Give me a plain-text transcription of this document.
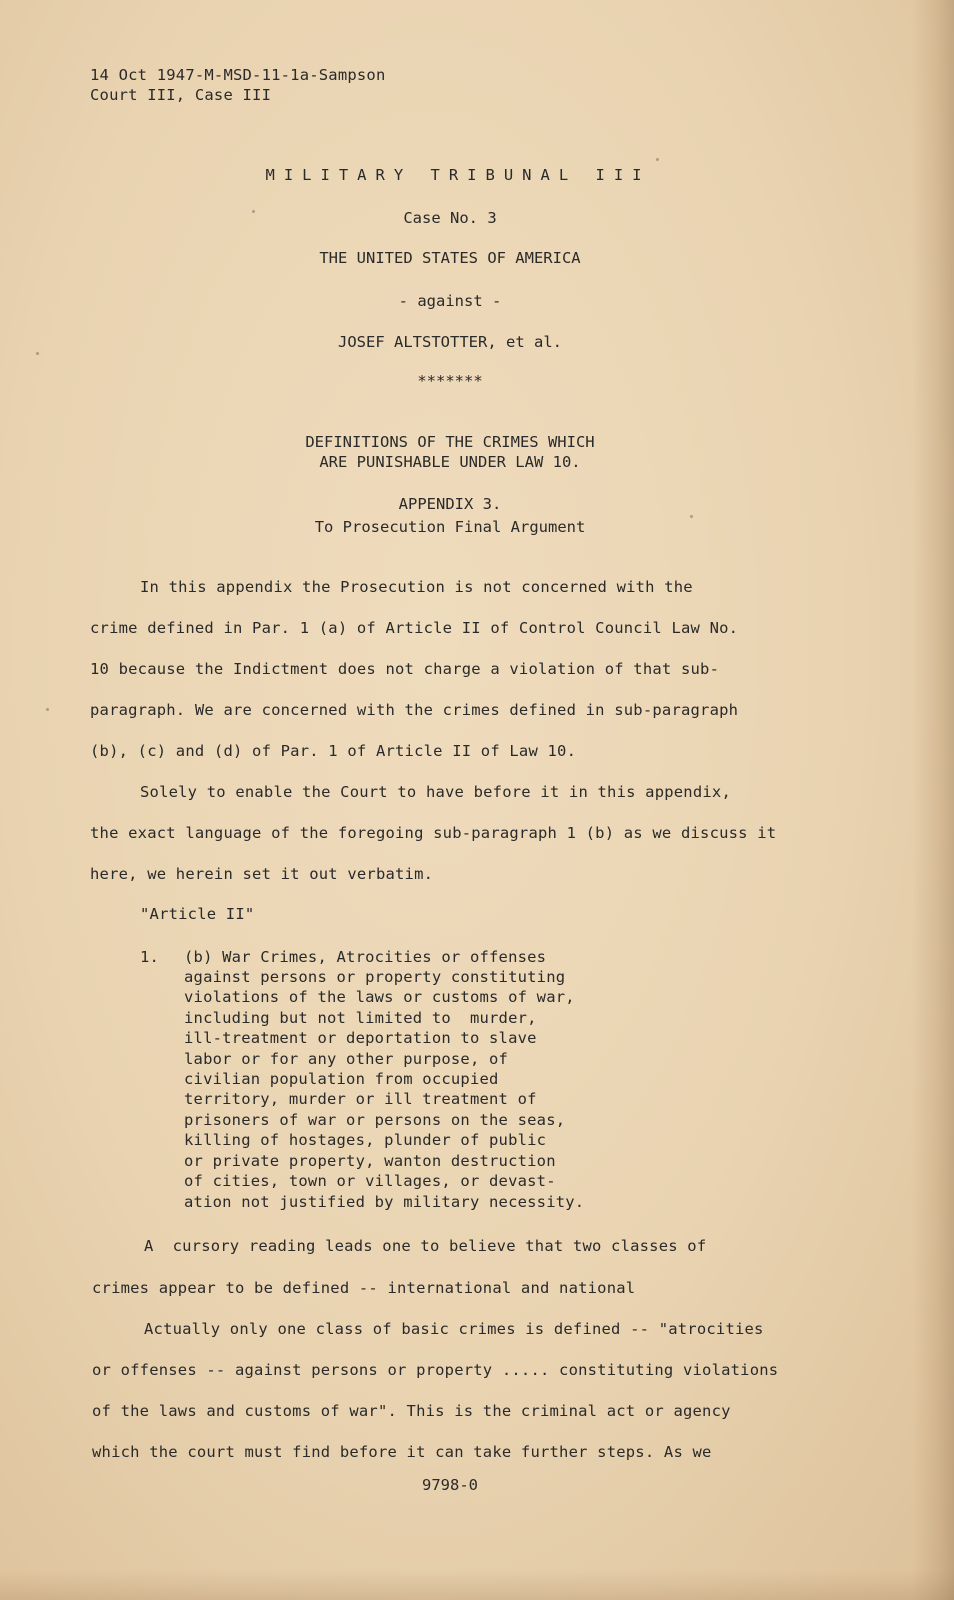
14 Oct 1947-M-MSD-11-1a-Sampson
Court III, Case III
MILITARY TRIBUNAL III
Case No. 3
THE UNITED STATES OF AMERICA
- against -
JOSEF ALTSTOTTER, et al.
*******
DEFINITIONS OF THE CRIMES WHICH
ARE PUNISHABLE UNDER LAW 10.
APPENDIX 3.
To Prosecution Final Argument
In this appendix the Prosecution is not concerned with the
crime defined in Par. 1 (a) of Article II of Control Council Law No.
10 because the Indictment does not charge a violation of that sub-
paragraph. We are concerned with the crimes defined in sub-paragraph
(b), (c) and (d) of Par. 1 of Article II of Law 10.
Solely to enable the Court to have before it in this appendix,
the exact language of the foregoing sub-paragraph 1 (b) as we discuss it
here, we herein set it out verbatim.
"Article II"
1. (b) War Crimes, Atrocities or offenses
against persons or property constituting
violations of the laws or customs of war,
including but not limited to  murder,
ill-treatment or deportation to slave
labor or for any other purpose, of
civilian population from occupied
territory, murder or ill treatment of
prisoners of war or persons on the seas,
killing of hostages, plunder of public
or private property, wanton destruction
of cities, town or villages, or devast-
ation not justified by military necessity.
A  cursory reading leads one to believe that two classes of
crimes appear to be defined -- international and national
Actually only one class of basic crimes is defined -- "atrocities
or offenses -- against persons or property ..... constituting violations
of the laws and customs of war". This is the criminal act or agency
which the court must find before it can take further steps. As we
9798-0
